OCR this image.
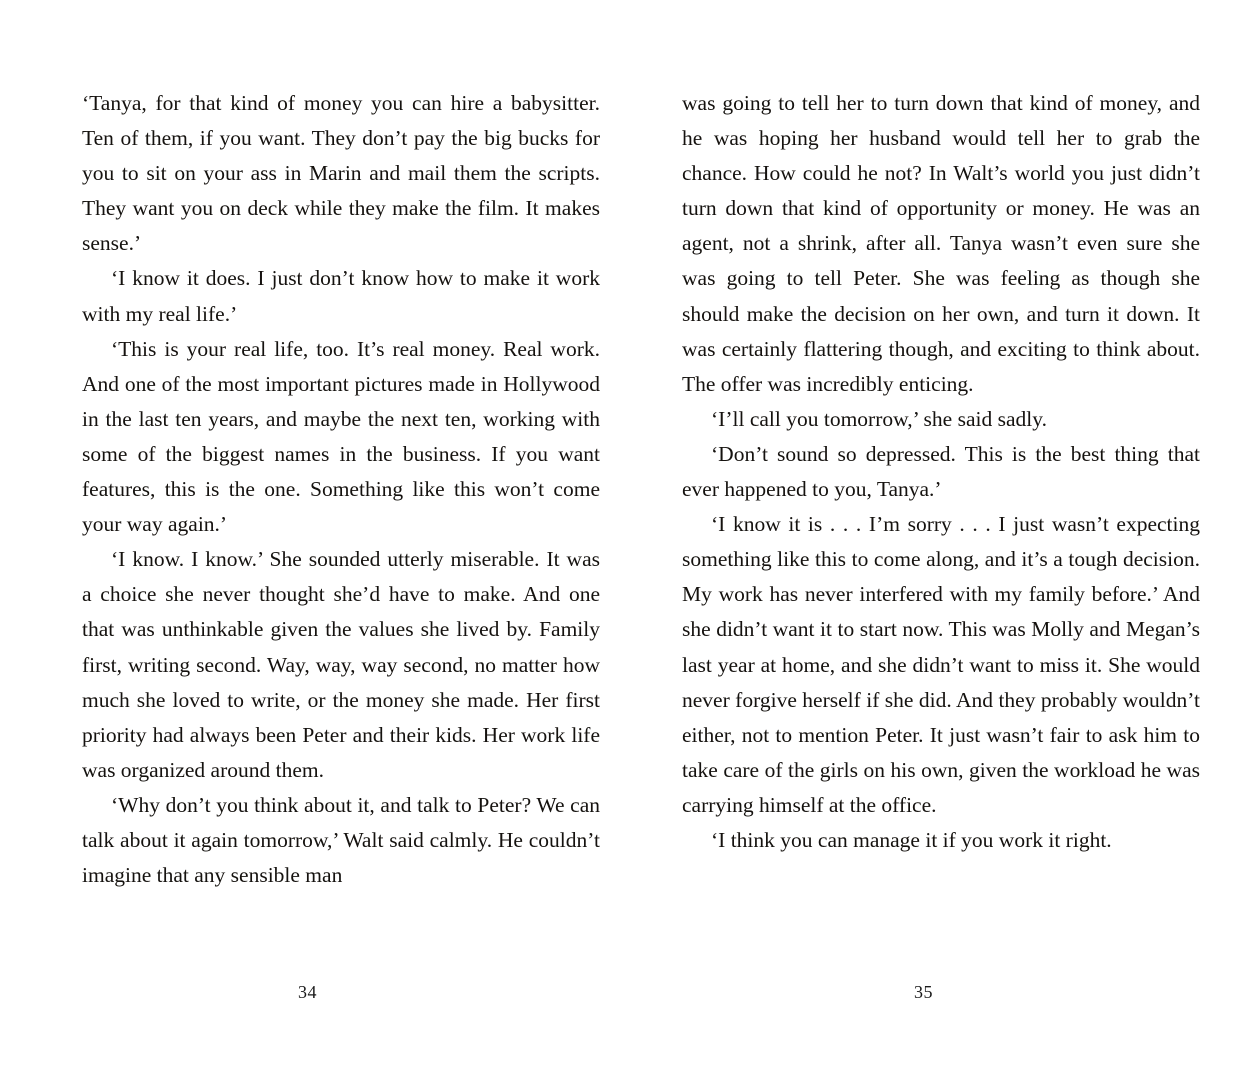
‘Tanya, for that kind of money you can hire a babysitter. Ten of them, if you want. They don’t pay the big bucks for you to sit on your ass in Marin and mail them the scripts. They want you on deck while they make the film. It makes sense.’

‘I know it does. I just don’t know how to make it work with my real life.’

‘This is your real life, too. It’s real money. Real work. And one of the most important pictures made in Hollywood in the last ten years, and maybe the next ten, working with some of the biggest names in the business. If you want features, this is the one. Something like this won’t come your way again.’

‘I know. I know.’ She sounded utterly miserable. It was a choice she never thought she’d have to make. And one that was unthinkable given the values she lived by. Family first, writing second. Way, way, way second, no matter how much she loved to write, or the money she made. Her first priority had always been Peter and their kids. Her work life was organized around them.

‘Why don’t you think about it, and talk to Peter? We can talk about it again tomorrow,’ Walt said calmly. He couldn’t imagine that any sensible man

34

was going to tell her to turn down that kind of money, and he was hoping her husband would tell her to grab the chance. How could he not? In Walt’s world you just didn’t turn down that kind of opportunity or money. He was an agent, not a shrink, after all. Tanya wasn’t even sure she was going to tell Peter. She was feeling as though she should make the decision on her own, and turn it down. It was certainly flattering though, and exciting to think about. The offer was incredibly enticing.

‘I’ll call you tomorrow,’ she said sadly.

‘Don’t sound so depressed. This is the best thing that ever happened to you, Tanya.’

‘I know it is . . . I’m sorry . . . I just wasn’t expecting something like this to come along, and it’s a tough decision. My work has never interfered with my family before.’ And she didn’t want it to start now. This was Molly and Megan’s last year at home, and she didn’t want to miss it. She would never forgive herself if she did. And they probably wouldn’t either, not to mention Peter. It just wasn’t fair to ask him to take care of the girls on his own, given the workload he was carrying himself at the office.

‘I think you can manage it if you work it right.

35
